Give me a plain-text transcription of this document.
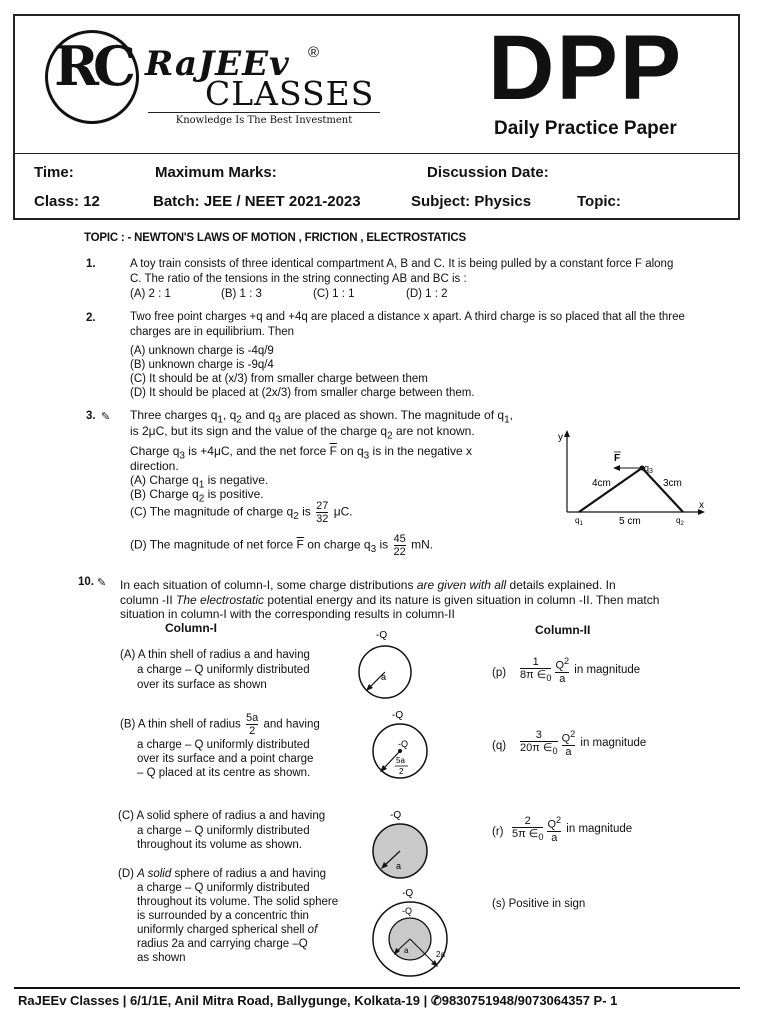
RC RaJEEv ®
CLASSES
Knowledge Is The Best Investment
DPP
Daily Practice Paper
Time:	Maximum Marks:	Discussion Date:
Class: 12	Batch: JEE / NEET 2021-2023	Subject: Physics	Topic:
TOPIC : - NEWTON'S LAWS OF MOTION , FRICTION , ELECTROSTATICS
1.	A toy train consists of three identical compartment A, B and C. It is being pulled by a constant force F along
C. The ratio of the tensions in the string connecting AB and BC is :
(A) 2 : 1	(B) 1 : 3	(C) 1 : 1	(D) 1 : 2
2.	Two free point charges +q and +4q are placed a distance x apart. A third charge is so placed that all the three
charges are in equilibrium. Then
(A) unknown charge is -4q/9
(B) unknown charge is -9q/4
(C) It should be at (x/3) from smaller charge between them
(D) It should be placed at (2x/3) from smaller charge between them.
3. ✎ Three charges $q_1$, $q_2$ and $q_3$ are placed as shown. The magnitude of $q_1$,
is 2μC, but its sign and the value of the charge $q_2$ are not known.
Charge $q_3$ is +4μC, and the net force $\overline{F}$ on $q_3$ is in the negative x
direction.
(A) Charge $q_1$ is negative.
(B) Charge $q_2$ is positive.
(C) The magnitude of charge $q_2$ is $\frac{27}{32} \mu C$.
(D) The magnitude of net force $\overline{F}$ on charge $q_3$ is $\frac{45}{22}$ mN.
y
x
F
$q_3$
4cm	3cm
5 cm
$q_1$	$q_2$
10. ✎ In each situation of column-I, some charge distributions are given with all details explained. In
column -II The electrostatic potential energy and its nature is given situation in column -II. Then match
situation in column-I with the corresponding results in column-II
Column-I	Column-II
(A) A thin shell of radius a and having
a charge – Q uniformly distributed
over its surface as shown
-Q
a	$(p) \frac{1}{8\pi \in_0} \frac{Q^2}{a}$ in magnitude
(B) A thin shell of radius $\frac{5a}{2}$ and having
a charge – Q uniformly distributed
over its surface and a point charge
– Q placed at its centre as shown.
-Q
-Q
5a
2
$(q) \frac{3}{20\pi \in_0} \frac{Q^2}{a}$ in magnitude
(C) A solid sphere of radius a and having
a charge – Q uniformly distributed
throughout its volume as shown.
-Q
a
$(r) \frac{2}{5\pi \in_0} \frac{Q^2}{a}$ in magnitude
(D) A solid sphere of radius a and having
a charge – Q uniformly distributed
throughout its volume. The solid sphere
is surrounded by a concentric thin
uniformly charged spherical shell of
radius 2a and carrying charge –Q
as shown
-Q
-Q
a	2a
(s) Positive in sign
RaJEEv Classes | 6/1/1E, Anil Mitra Road, Ballygunge, Kolkata-19 | ✆9830751948/9073064357 P- 1
